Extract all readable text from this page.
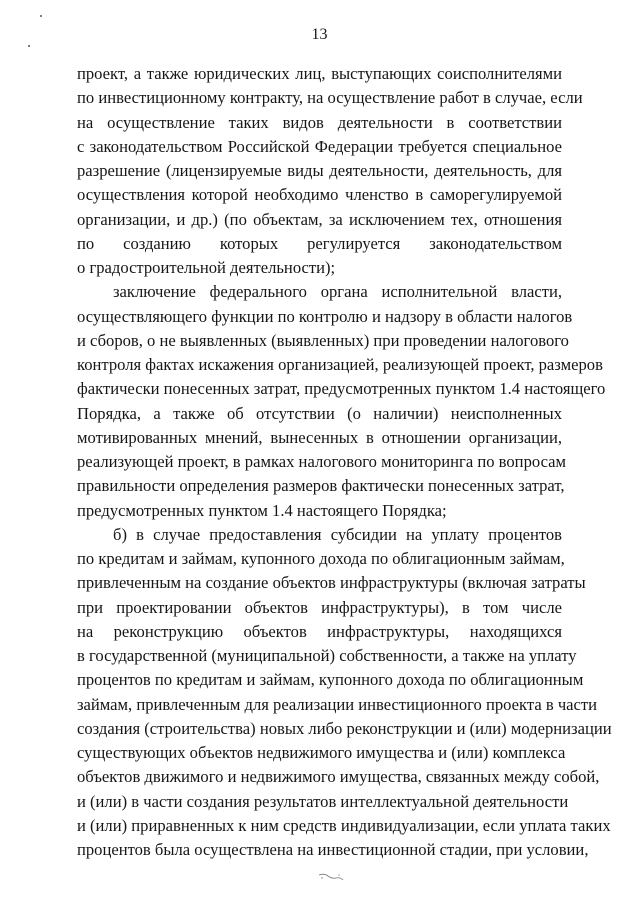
13

проект, а также юридических лиц, выступающих соисполнителями
по инвестиционному контракту, на осуществление работ в случае, если
на осуществление таких видов деятельности в соответствии
с законодательством Российской Федерации требуется специальное
разрешение (лицензируемые виды деятельности, деятельность, для
осуществления которой необходимо членство в саморегулируемой
организации, и др.) (по объектам, за исключением тех, отношения
по созданию которых регулируется законодательством
о градостроительной деятельности);

заключение федерального органа исполнительной власти,
осуществляющего функции по контролю и надзору в области налогов
и сборов, о не выявленных (выявленных) при проведении налогового
контроля фактах искажения организацией, реализующей проект, размеров
фактически понесенных затрат, предусмотренных пунктом 1.4 настоящего
Порядка, а также об отсутствии (о наличии) неисполненных
мотивированных мнений, вынесенных в отношении организации,
реализующей проект, в рамках налогового мониторинга по вопросам
правильности определения размеров фактически понесенных затрат,
предусмотренных пунктом 1.4 настоящего Порядка;

б) в случае предоставления субсидии на уплату процентов
по кредитам и займам, купонного дохода по облигационным займам,
привлеченным на создание объектов инфраструктуры (включая затраты
при проектировании объектов инфраструктуры), в том числе
на реконструкцию объектов инфраструктуры, находящихся
в государственной (муниципальной) собственности, а также на уплату
процентов по кредитам и займам, купонного дохода по облигационным
займам, привлеченным для реализации инвестиционного проекта в части
создания (строительства) новых либо реконструкции и (или) модернизации
существующих объектов недвижимого имущества и (или) комплекса
объектов движимого и недвижимого имущества, связанных между собой,
и (или) в части создания результатов интеллектуальной деятельности
и (или) приравненных к ним средств индивидуализации, если уплата таких
процентов была осуществлена на инвестиционной стадии, при условии,
